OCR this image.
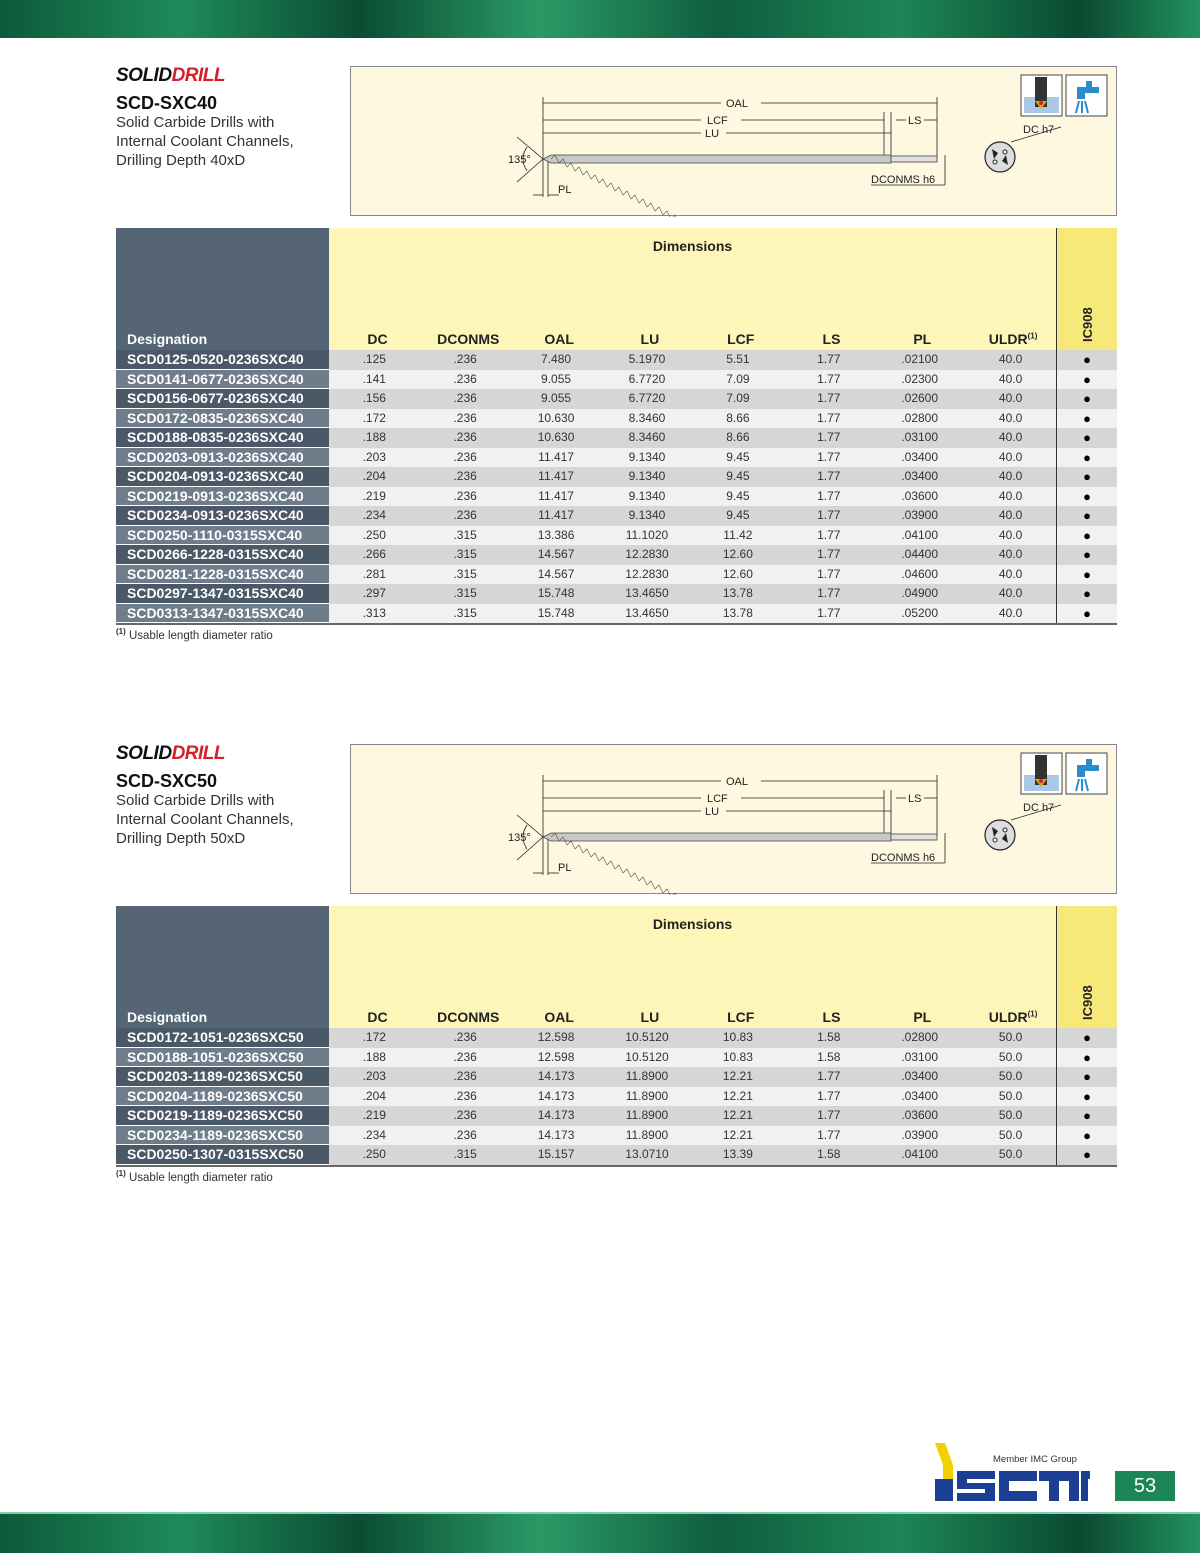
SOLIDDRILL
SCD-SXC40
Solid Carbide Drills with
Internal Coolant Channels,
Drilling Depth 40xD
OAL
LCF
LU
LS
135°
PL
DCONMS h6
DC h7
Designation
Dimensions
DC	DCONMS	OAL	LU	LCF	LS	PL	ULDR$^{(1)}$	IC908
SCD0125-0520-0236SXC40	.125	.236	7.480	5.1970	5.51	1.77	.02100	40.0	●
SCD0141-0677-0236SXC40	.141	.236	9.055	6.7720	7.09	1.77	.02300	40.0	●
SCD0156-0677-0236SXC40	.156	.236	9.055	6.7720	7.09	1.77	.02600	40.0	●
SCD0172-0835-0236SXC40	.172	.236	10.630	8.3460	8.66	1.77	.02800	40.0	●
SCD0188-0835-0236SXC40	.188	.236	10.630	8.3460	8.66	1.77	.03100	40.0	●
SCD0203-0913-0236SXC40	.203	.236	11.417	9.1340	9.45	1.77	.03400	40.0	●
SCD0204-0913-0236SXC40	.204	.236	11.417	9.1340	9.45	1.77	.03400	40.0	●
SCD0219-0913-0236SXC40	.219	.236	11.417	9.1340	9.45	1.77	.03600	40.0	●
SCD0234-0913-0236SXC40	.234	.236	11.417	9.1340	9.45	1.77	.03900	40.0	●
SCD0250-1110-0315SXC40	.250	.315	13.386	11.1020	11.42	1.77	.04100	40.0	●
SCD0266-1228-0315SXC40	.266	.315	14.567	12.2830	12.60	1.77	.04400	40.0	●
SCD0281-1228-0315SXC40	.281	.315	14.567	12.2830	12.60	1.77	.04600	40.0	●
SCD0297-1347-0315SXC40	.297	.315	15.748	13.4650	13.78	1.77	.04900	40.0	●
SCD0313-1347-0315SXC40	.313	.315	15.748	13.4650	13.78	1.77	.05200	40.0	●
$^{(1)}$ Usable length diameter ratio
SOLIDDRILL
SCD-SXC50
Solid Carbide Drills with
Internal Coolant Channels,
Drilling Depth 50xD
OAL
LCF
LU
LS
135°
PL
DCONMS h6
DC h7
Designation
Dimensions
DC	DCONMS	OAL	LU	LCF	LS	PL	ULDR$^{(1)}$	IC908
SCD0172-1051-0236SXC50	.172	.236	12.598	10.5120	10.83	1.58	.02800	50.0	●
SCD0188-1051-0236SXC50	.188	.236	12.598	10.5120	10.83	1.58	.03100	50.0	●
SCD0203-1189-0236SXC50	.203	.236	14.173	11.8900	12.21	1.77	.03400	50.0	●
SCD0204-1189-0236SXC50	.204	.236	14.173	11.8900	12.21	1.77	.03400	50.0	●
SCD0219-1189-0236SXC50	.219	.236	14.173	11.8900	12.21	1.77	.03600	50.0	●
SCD0234-1189-0236SXC50	.234	.236	14.173	11.8900	12.21	1.77	.03900	50.0	●
SCD0250-1307-0315SXC50	.250	.315	15.157	13.0710	13.39	1.58	.04100	50.0	●
$^{(1)}$ Usable length diameter ratio
Member IMC Group
53
